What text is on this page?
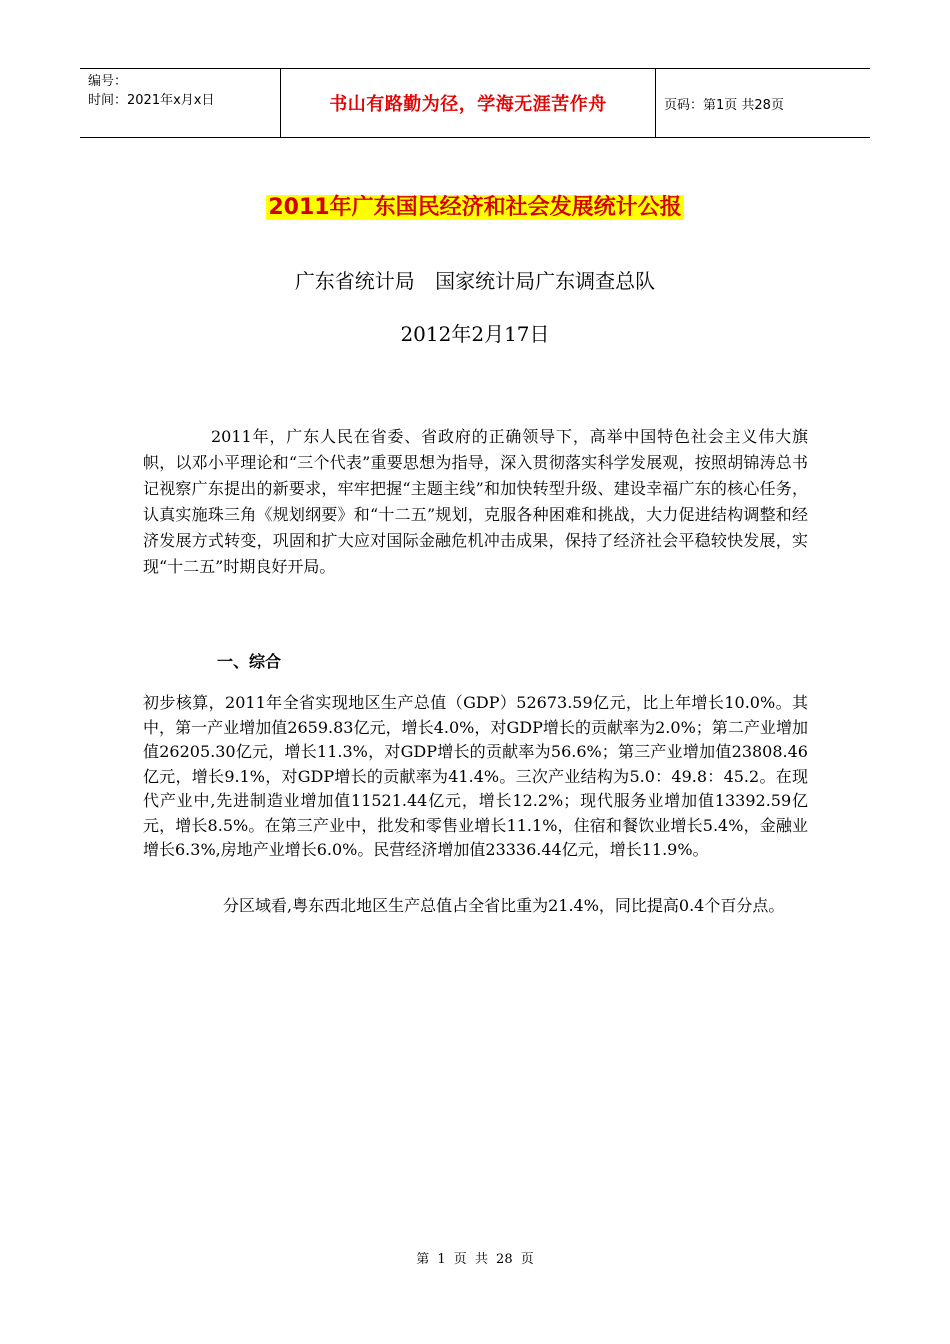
编号：
时间：2021年x月x日	书山有路勤为径，学海无涯苦作舟	页码：第1页 共28页
2011年广东国民经济和社会发展统计公报
广东省统计局 国家统计局广东调查总队
2012年2月17日

2011年，广东人民在省委、省政府的正确领导下，高举中国特色社会主义伟大旗帜，以邓小平理论和“三个代表”重要思想为指导，深入贯彻落实科学发展观，按照胡锦涛总书记视察广东提出的新要求，牢牢把握“主题主线”和加快转型升级、建设幸福广东的核心任务，认真实施珠三角《规划纲要》和“十二五”规划，克服各种困难和挑战，大力促进结构调整和经济发展方式转变，巩固和扩大应对国际金融危机冲击成果，保持了经济社会平稳较快发展，实现“十二五”时期良好开局。

一、综合

初步核算，2011年全省实现地区生产总值（GDP）52673.59亿元，比上年增长10.0%。其中，第一产业增加值2659.83亿元，增长4.0%，对GDP增长的贡献率为2.0%；第二产业增加值26205.30亿元，增长11.3%，对GDP增长的贡献率为56.6%；第三产业增加值23808.46亿元，增长9.1%，对GDP增长的贡献率为41.4%。三次产业结构为5.0：49.8：45.2。在现代产业中,先进制造业增加值11521.44亿元，增长12.2%；现代服务业增加值13392.59亿元，增长8.5%。在第三产业中，批发和零售业增长11.1%，住宿和餐饮业增长5.4%，金融业增长6.3%,房地产业增长6.0%。民营经济增加值23336.44亿元，增长11.9%。

分区域看,粤东西北地区生产总值占全省比重为21.4%，同比提高0.4个百分点。

第 1 页 共 28 页
